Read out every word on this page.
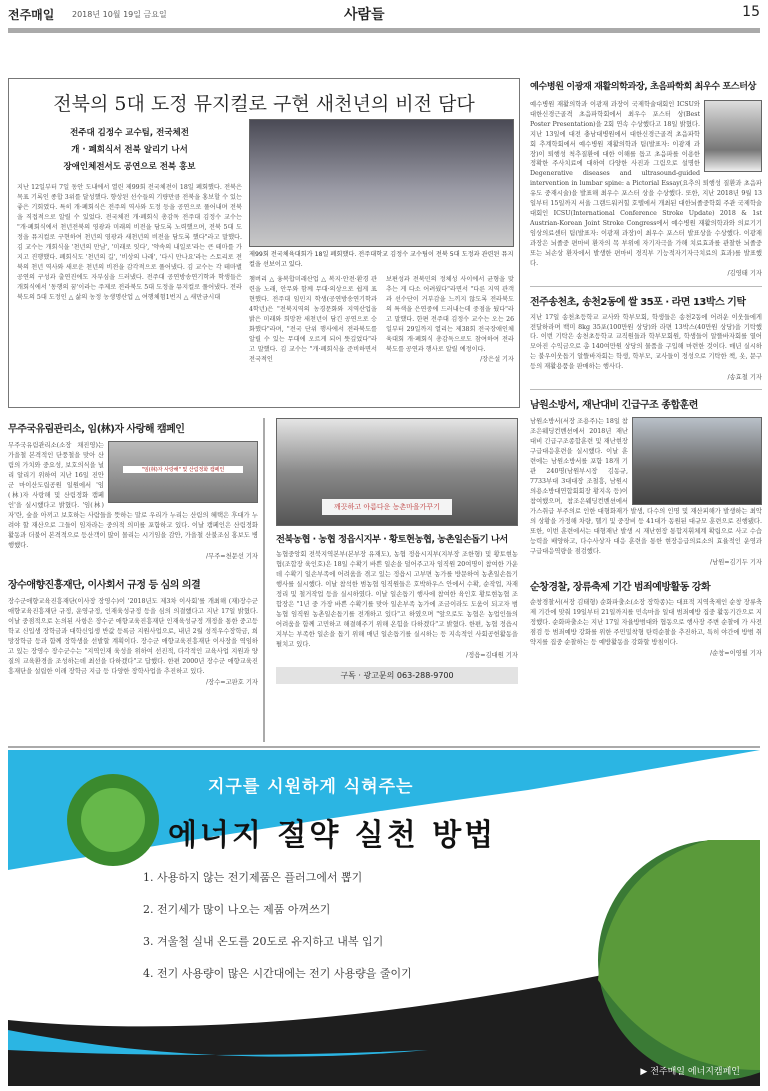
전주매일 2018년 10월 19일 금요일	사람들	15
전북의 5대 도정 뮤지컬로 구현 새천년의 비전 담다
전주대 김정수 교수팀, 전국체전
개 · 폐회식서 전북 알리기 나서
장애인체전서도 공연으로 전북 홍보
지난 12일부터 7일 동안 도내에서 열린 제99회 전국체전이 18일 폐회했다. 전북은 목표 기록인 종합 3위를 달성했다. 향상된 선수들의 기량만큼 전북을 홍보할 수 있는 좋은 기회였다. 특히 개·폐회식은 전주의 역사와 도정 등을 공연으로 풀어내며 전북을 직접적으로 알릴 수 있었다. 전국체전 개·폐회식 총감독 전주대 김정수 교수는 "개·폐회식에서 천년전북의 영광과 미래의 비전을 담도록 노력했으며, 전북 5대 도정을 뮤지컬로 구현하여 천년의 영광과 새천년의 비전을 담도록 했다"라고 말했다. 김 교수는 개회식을 '천년의 만남', '미래로 잇다', '약속의 내일로'라는 큰 테마를 가지고 진행했다. 폐회식도 '천년의 길', '비상의 나래', '다시 만나요'라는 스토리로 전북의 천년 역사와 새로운 천년의 비전을 감각적으로 풀어냈다. 김 교수는 각 테마별 공연의 구성과 출연진에도 자부심을 드러냈다. 전주대 공연방송연기학과 학생들은 개회식에서 '동행의 꿈'이라는 주제로 전라북도 5대 도정을 뮤지컬로 풀어냈다. 전라북도의 5대 도정인 △ 삶의 농정 농생명산업 △ 여행체험1번지 △ 새만금시대
제99회 전국체육대회가 18일 폐회했다. 전주대학교 김정수 교수팀이 전북 5대 도정과 관련된 뮤지컬을 선보이고 있다.
챔버리 △ 융복합미래산업 △ 복지·안전·환경 관련을 노래, 안무와 함께 무대·의상으로 쉽게 표현했다. 전주대 임민지 학생(공연방송연기학과 4학년)은 "전북지역의 농경문화와 지역산업을 밝은 미래와 희망찬 새천년이 담긴 공연으로 승화했다"라며, "전국 단위 행사에서 전라북도를 알릴 수 있는 무대에 오르게 되어 뜻깊었다"라고 말했다. 김 교수는 "개·폐회식을 준비하면서 전국적인
보편성과 전북민의 정체성 사이에서 균형을 맞추는 게 다소 어려웠다"라면서 "다른 지역 관객과 선수단이 거부감을 느끼지 않도록 전라북도의 특색을 은연중에 드러내는데 중점을 뒀다"라고 말했다. 한편 전주대 김정수 교수는 오는 26일부터 29일까지 열리는 제38회 전국장애인체육대회 개·폐회식 총감독으로도 참여하여 전라북도를 공연과 행사로 알릴 예정이다.
/장은설 기자
예수병원 이광재 재활의학과장, 초음파학회 최우수 포스터상
예수병원 재활의학과 이광재 과장이 국제학술대회인 ICSU와 대한신경근골격 초음파학회에서 최우수 포스터 상(Best Poster Presentation)을 2회 연속 수상했다고 18일 밝혔다. 지난 13일에 대전 충남대병원에서 대한신경근골격 초음파학회 추계학회에서 예수병원 재활의학과 팀(발표자: 이광재 과장)이 퇴행성 척추질환에 대한 이해를 돕고 초음파를 이용한 정확한 주사치료에 대하여 다양한 사진과 그림으로 설명한 Degenerative diseases and ultrasound-guided intervention in lumbar spine: a Pictorial Essay(요추의 퇴행성 질환과 초음파 유도 중재시술)을 발표해 최우수 포스터 상을 수상했다. 또한, 지난 2018년 9월 13일부터 15일까지 서울 그랜드워커힐 호텔에서 개최된 대한뇌졸중학회 주관 국제학술대회인 ICSU(International Conference Stroke Update) 2018 & 1st Austrian-Korean Joint Stroke Congress에서 예수병원 재활의학과와 의료기기임상의료센터 팀(발표자: 이광재 과장)이 최우수 포스터 발표상을 수상했다. 이광재 과장은 뇌졸중 편마비 환자의 목 부위에 자기자극을 가해 치료효과를 관찰한 뇌졸중 또는 뇌손상 환자에서 발생한 편마비 경직부 기능적자기자극치료의 효과)를 발표했다.
/김영태 기자
전주송천초, 송천2동에 쌀 35포 · 라면 13박스 기탁
지난 17일 송천초등학교 교사와 학부모회, 학생들은 송천2동에 어려운 이웃들에게 전달하라며 백미 8kg 35포(100만원 상당)와 라면 13박스(40만원 상당)을 기탁했다. 이번 기탁은 송천초등학교 교직원들과 학부모회원, 학생들이 알뜰바자회를 열어 모아진 수익금으로 총 140여만원 상당의 물품을 구입해 마련한 것이다. 매년 실시하는 불우이웃돕기 알뜰바자회는 학생, 학부모, 교사들이 정성으로 기탁한 책, 옷, 문구 등의 재활용품을 판매하는 행사다.
/송효철 기자
남원소방서, 재난대비 긴급구조 종합훈련
남원소방서(서장 조용주)는 18일 참조은웨딩컨벤션에서 2018년 재난대비 긴급구조종합훈련 및 재난현장 구급대응훈련을 실시했다. 이날 훈련에는 남원소방서를 포함 18개 기관 240명(남원부시장 김동규, 7733부대 3대대장 조철흥, 남원시 의용소방대연합회회장 황지옥 등)이 참여했으며, 참조은웨딩컨벤션에서 가스취급 부주의로 인한 대형화재가 발생, 다수의 인명 및 재산피해가 발생하는 최악의 상황을 가정해 차량, 헬기 및 중장비 등 41대가 동원된 대규모 훈련으로 진행됐다. 또한, 이번 훈련에서는 대형재난 발생 시 재난현장 통합지휘체계 확립으로 사고 수습능력을 배양하고, 다수사상자 대응 훈련을 통한 현장응급의료소의 효율적인 운영과 구급대응역량을 점검했다.
/남원=김기두 기자
순창경찰, 장류축제 기간 범죄예방활동 강화
순창경찰서(서장 김태형) 순화파출소(소장 장학종)는 대표적 지역축제인 순창 장류축제 기간에 맞춰 19일부터 21일까지를 민속마을 일대 범죄예방 집중 활동기간으로 지정했다. 순화파출소는 지난 17일 자율방범대와 협동으로 행사장 주변 순찰에 가 사전점검 등 범죄예방 강화를 위한 주민밀착형 탄력순찰을 추진하고, 특히 야간에 방범 취약지를 집중 순찰하는 등 예방활동을 강화할 방침이다.
/순창=이영필 기자
무주국유림관리소, 임(林)자 사랑해 캠페인
"임(林)자 사랑해" 및 산림정화 캠페인
무주국유림관리소(소장 채진영)는 가을철 본격적인 단풍철을 맞아 산림의 가치와 중요성, 보호의식을 널리 알리기 위하여 지난 16일 진안군 마이산도립공원 일원에서 '임(林)자 사랑해 및 산림정화 캠페인'을 실시했다고 밝혔다. '임(林)자'란, 숲을 아끼고 보호하는 사람들을 뜻하는 말로 우리가 누리는 산림의 혜택은 후대가 누려야 할 재산으로 그들이 임자라는 중의적 의미를 포함하고 있다. 이날 캠페인은 산림정화 활동과 더불어 본격적으로 등산객이 많이 몰리는 시기임을 감안, 가을철 산불조심 홍보도 병행했다.
/무주=천문선 기자
장수애향진흥재단, 이사회서 규정 등 심의 의결
장수군애향교육진흥재단(이사장 장영수)이 '2018년도 제3차 이사회'를 개최해 (재)장수군애향교육진흥재단 규정, 운영규정, 인재육성규정 등을 심의 의결했다고 지난 17일 밝혔다. 이날 중점적으로 논의된 사항은 장수군 애향교육진흥재단 인재육성규정 개정을 통한 중고등학교 신입생 장학금과 대학신입생 반값 등록금 지원사업으로, 내년 2월 성적우수장학금, 희망장학금 등과 함께 장학생을 선발할 계획이다. 장수군 애향교육진흥재단 이사장을 역임하고 있는 장영수 장수군수는 "지역인재 육성을 위하여 선진적, 다각적인 교육사업 지원과 양질의 교육환경을 조성하는데 최선을 다하겠다"고 답했다. 한편 2000년 장수군 애향교육진흥재단을 설립한 이래 장학금 지급 등 다양한 장학사업을 추진하고 있다.
/장수=고판호 기자
깨끗하고 아름다운 농촌마을가꾸기
전북농협 · 농협 정읍시지부 · 황토현농협, 농촌일손돕기 나서
농협중앙회 전북지역본부(본부장 유재도), 농협 정읍시지부(지부장 조한형) 및 황토현농협(조합장 육인호)은 18일 수확기 바쁜 일손을 덜어주고자 임직원 20여명이 참여한 가운데 수확기 일손부족에 어려움을 겪고 있는 정읍시 고부면 농가를 방문하여 농촌일손돕기 행사를 실시했다. 이날 참석한 범농협 임직원들은 호박하우스 안에서 수확, 순작업, 자재 정리 및 철거작업 등을 실시하였다. 이날 일손돕기 행사에 참여한 육인호 황토현농협 조합장은 "1년 중 가장 바쁜 수확기를 맞아 일손부족 농가에 조금이라도 도움이 되고자 범농협 임직원 농촌일손돕기를 전개하고 있다"고 하였으며 "앞으로도 농협은 농업인들의 어려움을 함께 고민하고 해결해주기 위해 온힘을 다하겠다"고 밝혔다. 한편, 농협 정읍시지부는 부족한 일손을 돕기 위해 매년 일손돕기를 실시하는 등 지속적인 사회공헌활동을 펼치고 있다.
/정읍=김대원 기자
구독 · 광고문의 063-288-9700
지구를 시원하게 식혀주는
에너지 절약 실천 방법
1. 사용하지 않는 전기제품은 플러그에서 뽑기
2. 전기세가 많이 나오는 제품 아껴쓰기
3. 겨울철 실내 온도를 20도로 유지하고 내복 입기
4. 전기 사용량이 많은 시간대에는 전기 사용량을 줄이기
▶ 전주매일 에너지캠페인
